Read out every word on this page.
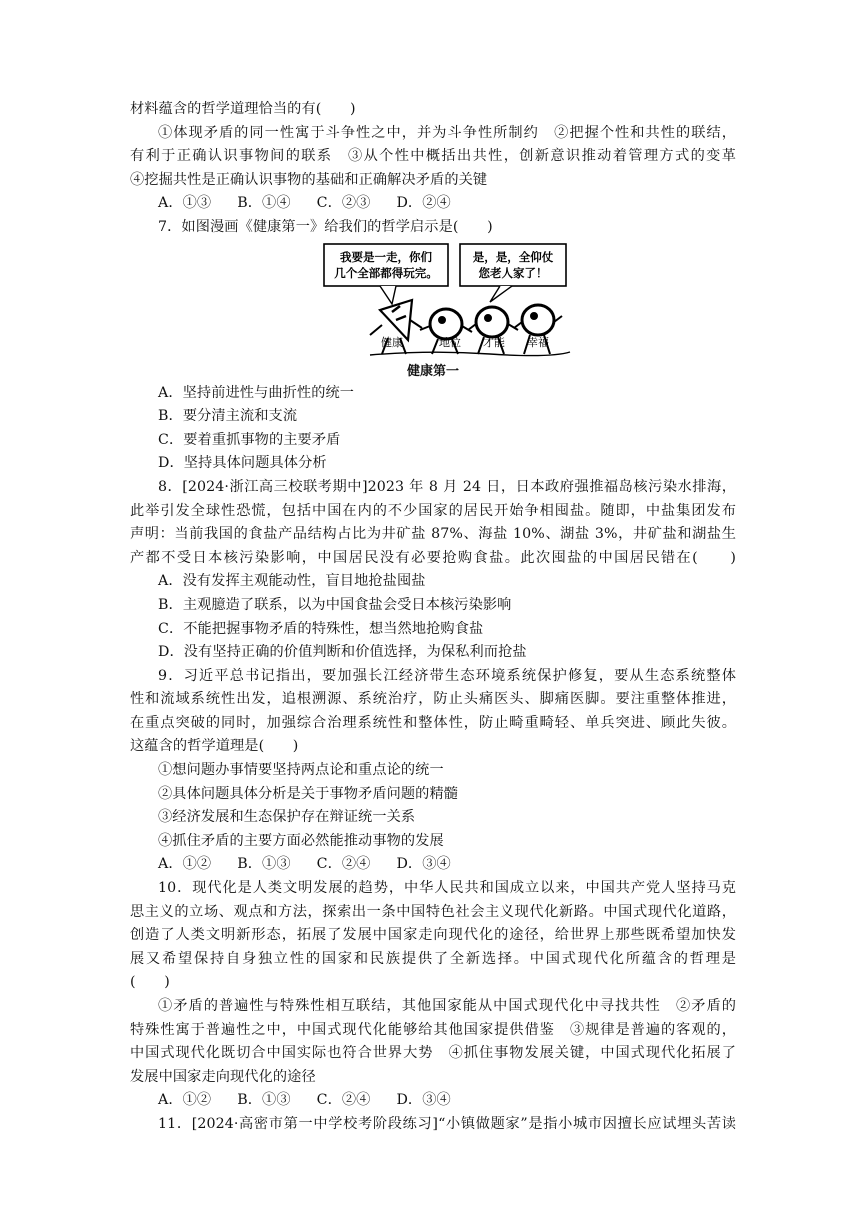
材料蕴含的哲学道理恰当的有(　　)
①体现矛盾的同一性寓于斗争性之中，并为斗争性所制约　②把握个性和共性的联结，
有利于正确认识事物间的联系　③从个性中概括出共性，创新意识推动着管理方式的变革
④挖掘共性是正确认识事物的基础和正确解决矛盾的关键
A．①③ B．①④ C．②③ D．②④
7．如图漫画《健康第一》给我们的哲学启示是(　　)
我要是一走，你们
几个全部都得玩完。
是，是，全仰仗
您老人家了！
健康	地位 才能 幸福
健康第一
A．坚持前进性与曲折性的统一
B．要分清主流和支流
C．要着重抓事物的主要矛盾
D．坚持具体问题具体分析
8．[2024·浙江高三校联考期中]2023 年 8 月 24 日，日本政府强推福岛核污染水排海，
此举引发全球性恐慌，包括中国在内的不少国家的居民开始争相囤盐。随即，中盐集团发布
声明：当前我国的食盐产品结构占比为井矿盐 87%、海盐 10%、湖盐 3%，井矿盐和湖盐生
产都不受日本核污染影响，中国居民没有必要抢购食盐。此次囤盐的中国居民错在(　　)
A．没有发挥主观能动性，盲目地抢盐囤盐
B．主观臆造了联系，以为中国食盐会受日本核污染影响
C．不能把握事物矛盾的特殊性，想当然地抢购食盐
D．没有坚持正确的价值判断和价值选择，为保私利而抢盐
9．习近平总书记指出，要加强长江经济带生态环境系统保护修复，要从生态系统整体
性和流域系统性出发，追根溯源、系统治疗，防止头痛医头、脚痛医脚。要注重整体推进，
在重点突破的同时，加强综合治理系统性和整体性，防止畸重畸轻、单兵突进、顾此失彼。
这蕴含的哲学道理是(　　)
①想问题办事情要坚持两点论和重点论的统一
②具体问题具体分析是关于事物矛盾问题的精髓
③经济发展和生态保护存在辩证统一关系
④抓住矛盾的主要方面必然能推动事物的发展
A．①② B．①③ C．②④ D．③④
10．现代化是人类文明发展的趋势，中华人民共和国成立以来，中国共产党人坚持马克
思主义的立场、观点和方法，探索出一条中国特色社会主义现代化新路。中国式现代化道路，
创造了人类文明新形态，拓展了发展中国家走向现代化的途径，给世界上那些既希望加快发
展又希望保持自身独立性的国家和民族提供了全新选择。中国式现代化所蕴含的哲理是
(　　)
①矛盾的普遍性与特殊性相互联结，其他国家能从中国式现代化中寻找共性　②矛盾的
特殊性寓于普遍性之中，中国式现代化能够给其他国家提供借鉴　③规律是普遍的客观的，
中国式现代化既切合中国实际也符合世界大势　④抓住事物发展关键，中国式现代化拓展了
发展中国家走向现代化的途径
A．①② B．①③ C．②④ D．③④
11．[2024·高密市第一中学校考阶段练习]“小镇做题家”是指小城市因擅长应试埋头苦读
